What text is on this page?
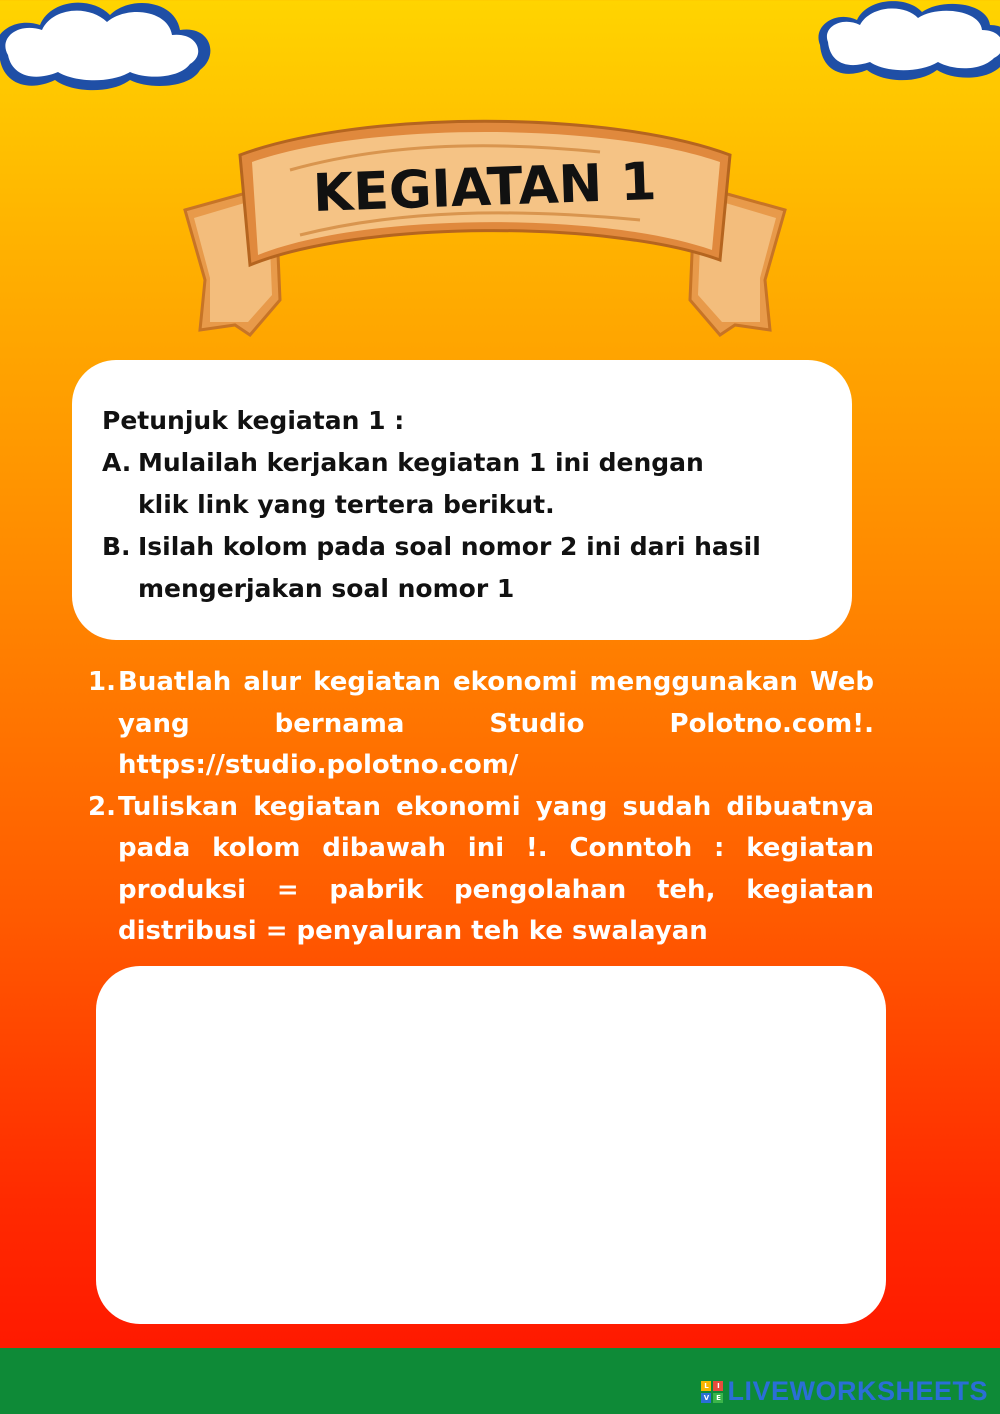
KEGIATAN 1
Petunjuk kegiatan 1 :
A. Mulailah kerjakan kegiatan 1 ini dengan
klik link yang tertera berikut.
B. Isilah kolom pada soal nomor 2 ini dari hasil
mengerjakan soal nomor 1
1. Buatlah alur kegiatan ekonomi menggunakan Web yang bernama Studio Polotno.com!. https://studio.polotno.com/
2. Tuliskan kegiatan ekonomi yang sudah dibuatnya pada kolom dibawah ini !. Conntoh : kegiatan produksi = pabrik pengolahan teh, kegiatan distribusi = penyaluran teh ke swalayan
L	I
V E LIVEWORKSHEETS
